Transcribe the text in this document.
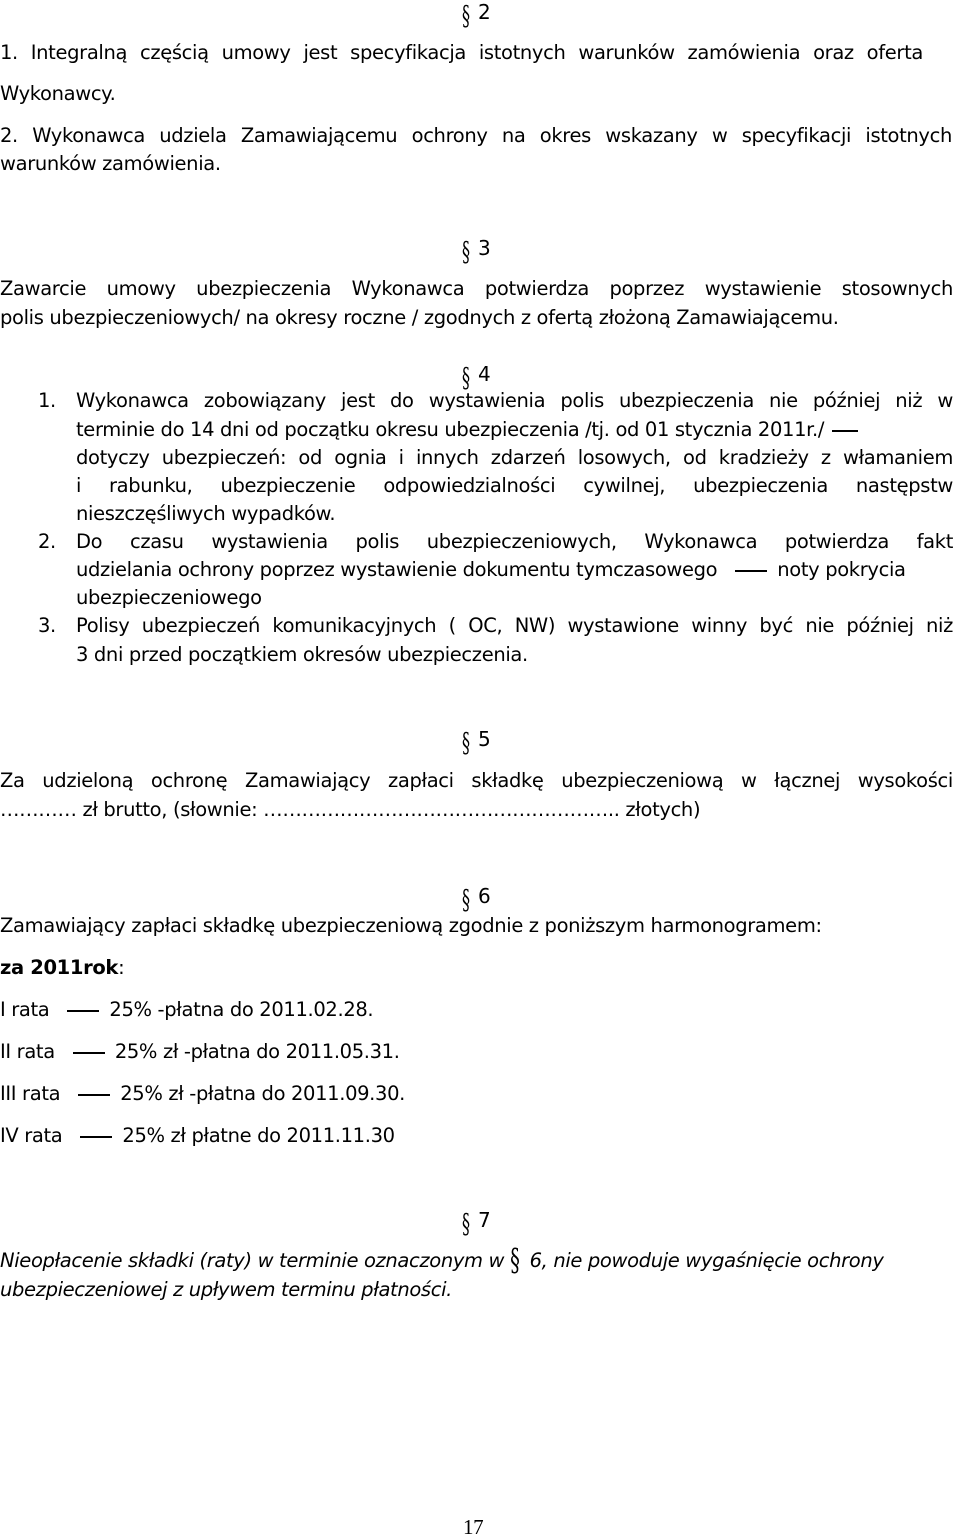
§ 2
1. Integralną częścią umowy jest specyfikacja istotnych warunków zamówienia oraz oferta
Wykonawcy.
2. Wykonawca udziela Zamawiającemu ochrony na okres wskazany w specyfikacji istotnych
warunków zamówienia.
§ 3
Zawarcie umowy ubezpieczenia Wykonawca potwierdza poprzez wystawienie stosownych
polis ubezpieczeniowych/ na okresy roczne / zgodnych z ofertą złożoną Zamawiającemu.
§ 4
1. Wykonawca zobowiązany jest do wystawienia polis ubezpieczenia nie później niż w
terminie do 14 dni od początku okresu ubezpieczenia /tj. od 01 stycznia 2011r./
dotyczy ubezpieczeń: od ognia i innych zdarzeń losowych, od kradzieży z włamaniem
i rabunku, ubezpieczenie odpowiedzialności cywilnej, ubezpieczenia następstw
nieszczęśliwych wypadków.
2. Do czasu wystawienia polis ubezpieczeniowych, Wykonawca potwierdza fakt
udzielania ochrony poprzez wystawienie dokumentu tymczasowego	noty pokrycia
ubezpieczeniowego
3. Polisy ubezpieczeń komunikacyjnych ( OC, NW) wystawione winny być nie później niż
3 dni przed początkiem okresów ubezpieczenia.
§ 5
Za udzieloną ochronę Zamawiający zapłaci składkę ubezpieczeniową w łącznej wysokości
………… zł brutto, (słownie: ……………………………………………….. złotych)
§ 6
Zamawiający zapłaci składkę ubezpieczeniową zgodnie z poniższym harmonogramem:
za 2011rok:
I rata	25% -płatna do 2011.02.28.
II rata	25% zł -płatna do 2011.05.31.
III rata	25% zł -płatna do 2011.09.30.
IV rata	25% zł płatne do 2011.11.30
§ 7
Nieopłacenie składki (raty) w terminie oznaczonym w § 6, nie powoduje wygaśnięcie ochrony
ubezpieczeniowej z upływem terminu płatności.
17
